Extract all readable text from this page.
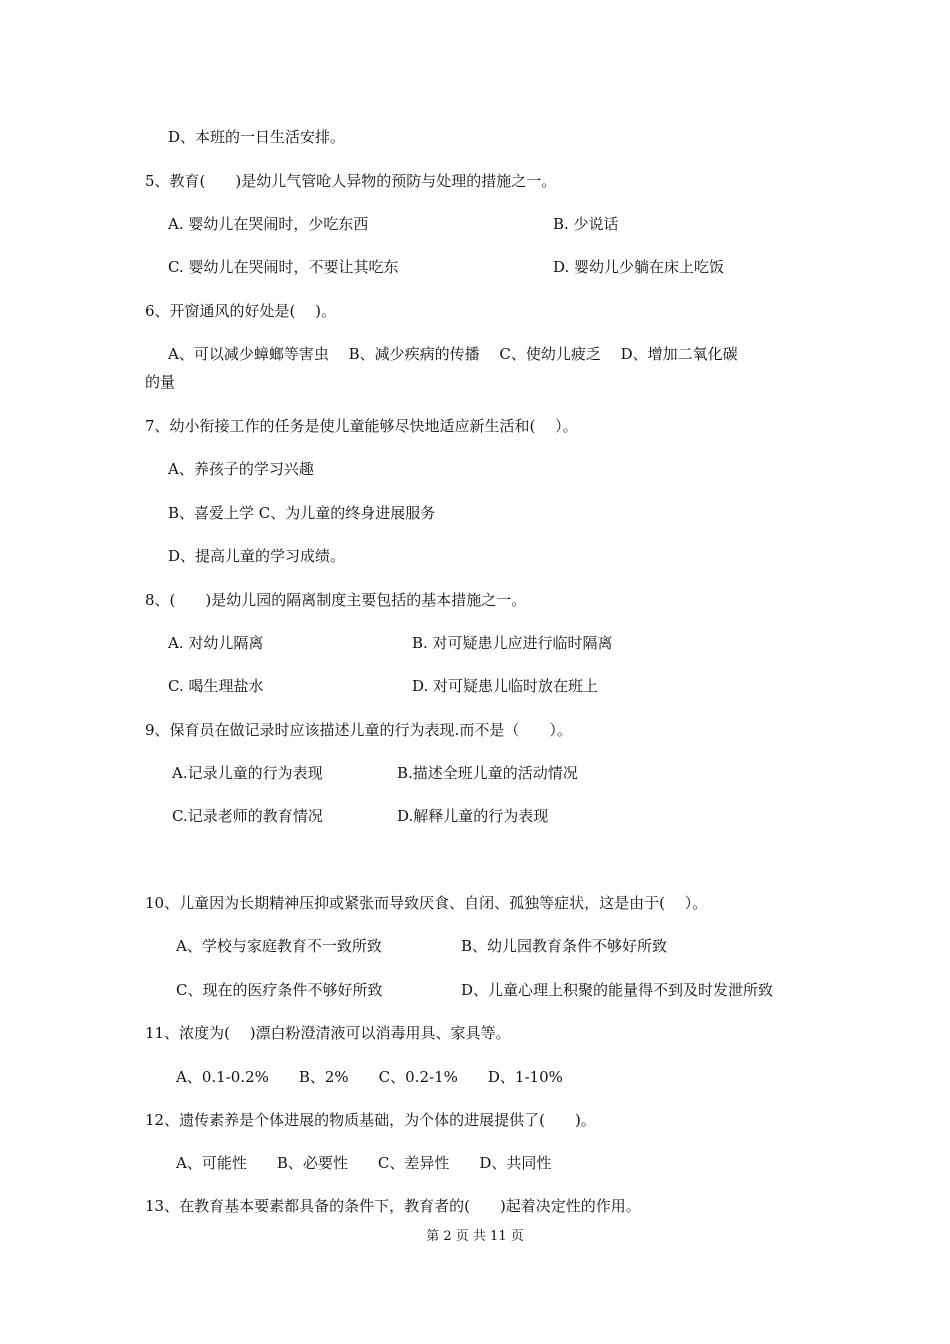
D、本班的一日生活安排。
5、教育(　　)是幼儿气管呛人异物的预防与处理的措施之一。
A. 婴幼儿在哭闹时，少吃东西	B. 少说话
C. 婴幼儿在哭闹时，不要让其吃东	D. 婴幼儿少躺在床上吃饭
6、开窗通风的好处是(　 )。
A、可以减少蟑螂等害虫　 B、减少疾病的传播　 C、使幼儿疲乏　 D、增加二氧化碳
的量
7、幼小衔接工作的任务是使儿童能够尽快地适应新生活和(　 ）。
A、养孩子的学习兴趣
B、喜爱上学 C、为儿童的终身进展服务
D、提高儿童的学习成绩。
8、(　　)是幼儿园的隔离制度主要包括的基本措施之一。
A. 对幼儿隔离	B. 对可疑患儿应进行临时隔离
C. 喝生理盐水	D. 对可疑患儿临时放在班上
9、保育员在做记录时应该描述儿童的行为表现.而不是（　　）。
A.记录儿童的行为表现	B.描述全班儿童的活动情况
C.记录老师的教育情况	D.解释儿童的行为表现
10、儿童因为长期精神压抑或紧张而导致厌食、自闭、孤独等症状，这是由于(　 ）。
A、学校与家庭教育不一致所致	B、幼儿园教育条件不够好所致
C、现在的医疗条件不够好所致	D、儿童心理上积聚的能量得不到及时发泄所致
11、浓度为(　 )漂白粉澄清液可以消毒用具、家具等。
A、0.1-0.2%　　B、2%　　C、0.2-1%　　D、1-10%
12、遗传素养是个体进展的物质基础，为个体的进展提供了(　　)。
A、可能性　　B、必要性　　C、差异性　　D、共同性
13、在教育基本要素都具备的条件下，教育者的(　　)起着决定性的作用。
第 2 页 共 11 页
